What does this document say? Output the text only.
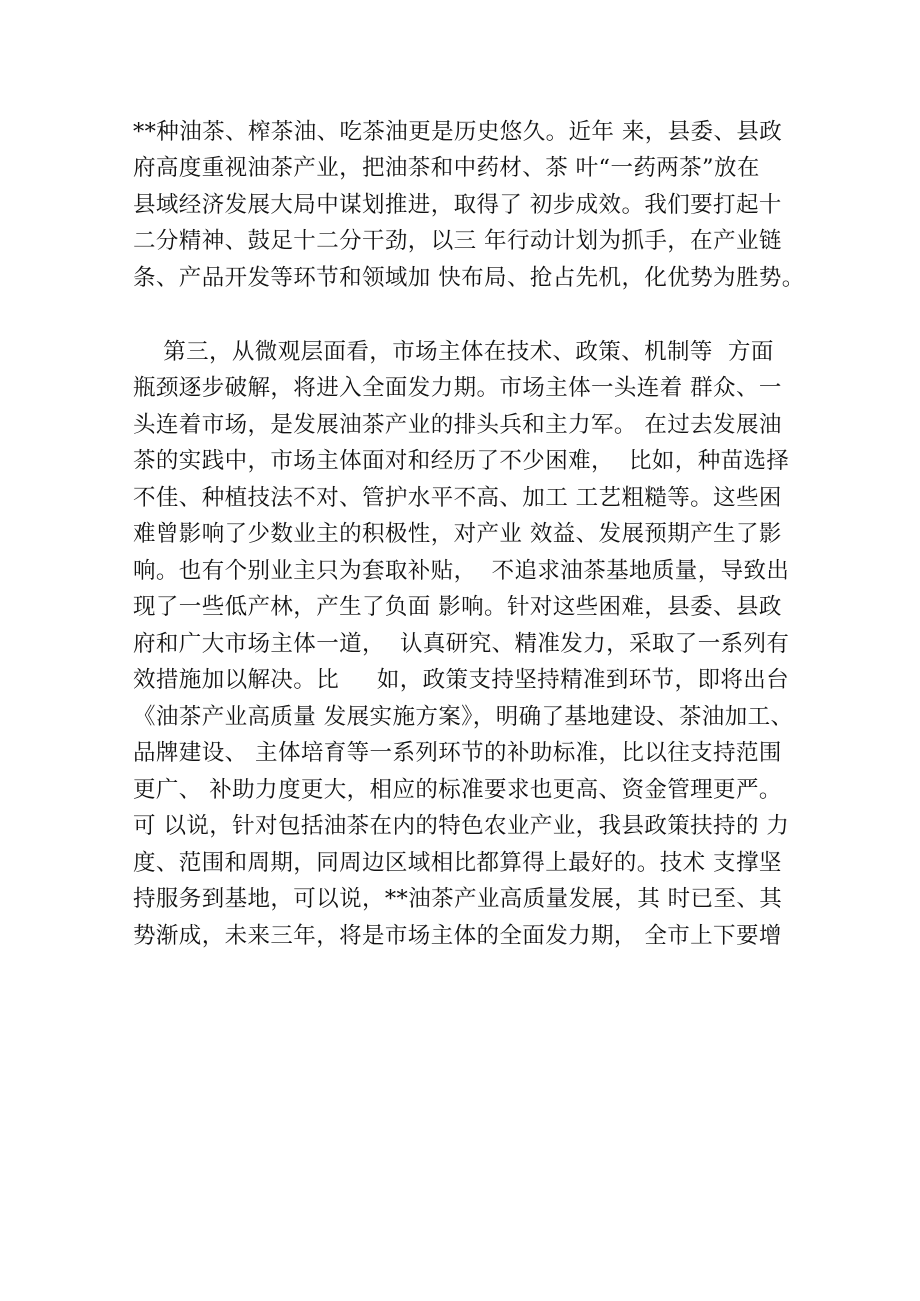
**种油茶、榨茶油、吃茶油更是历史悠久。近年 来，县委、县政
府高度重视油茶产业，把油茶和中药材、茶 叶“一药两茶”放在
县域经济发展大局中谋划推进，取得了 初步成效。我们要打起十
二分精神、鼓足十二分干劲，以三 年行动计划为抓手，在产业链
条、产品开发等环节和领域加 快布局、抢占先机，化优势为胜势。
第三，从微观层面看，市场主体在技术、政策、机制等  方面
瓶颈逐步破解，将进入全面发力期。市场主体一头连着 群众、一
头连着市场，是发展油茶产业的排头兵和主力军。 在过去发展油
茶的实践中，市场主体面对和经历了不少困难，  比如，种苗选择
不佳、种植技法不对、管护水平不高、加工 工艺粗糙等。这些困
难曾影响了少数业主的积极性，对产业 效益、发展预期产生了影
响。也有个别业主只为套取补贴，  不追求油茶基地质量，导致出
现了一些低产林，产生了负面 影响。针对这些困难，县委、县政
府和广大市场主体一道，  认真研究、精准发力，采取了一系列有
效措施加以解决。比     如，政策支持坚持精准到环节，即将出台
《油茶产业高质量 发展实施方案》，明确了基地建设、茶油加工、
品牌建设、 主体培育等一系列环节的补助标准，比以往支持范围
更广、 补助力度更大，相应的标准要求也更高、资金管理更严。
可 以说，针对包括油茶在内的特色农业产业，我县政策扶持的 力
度、范围和周期，同周边区域相比都算得上最好的。技术 支撑坚
持服务到基地，可以说，**油茶产业高质量发展，其 时已至、其
势渐成，未来三年，将是市场主体的全面发力期， 全市上下要增
